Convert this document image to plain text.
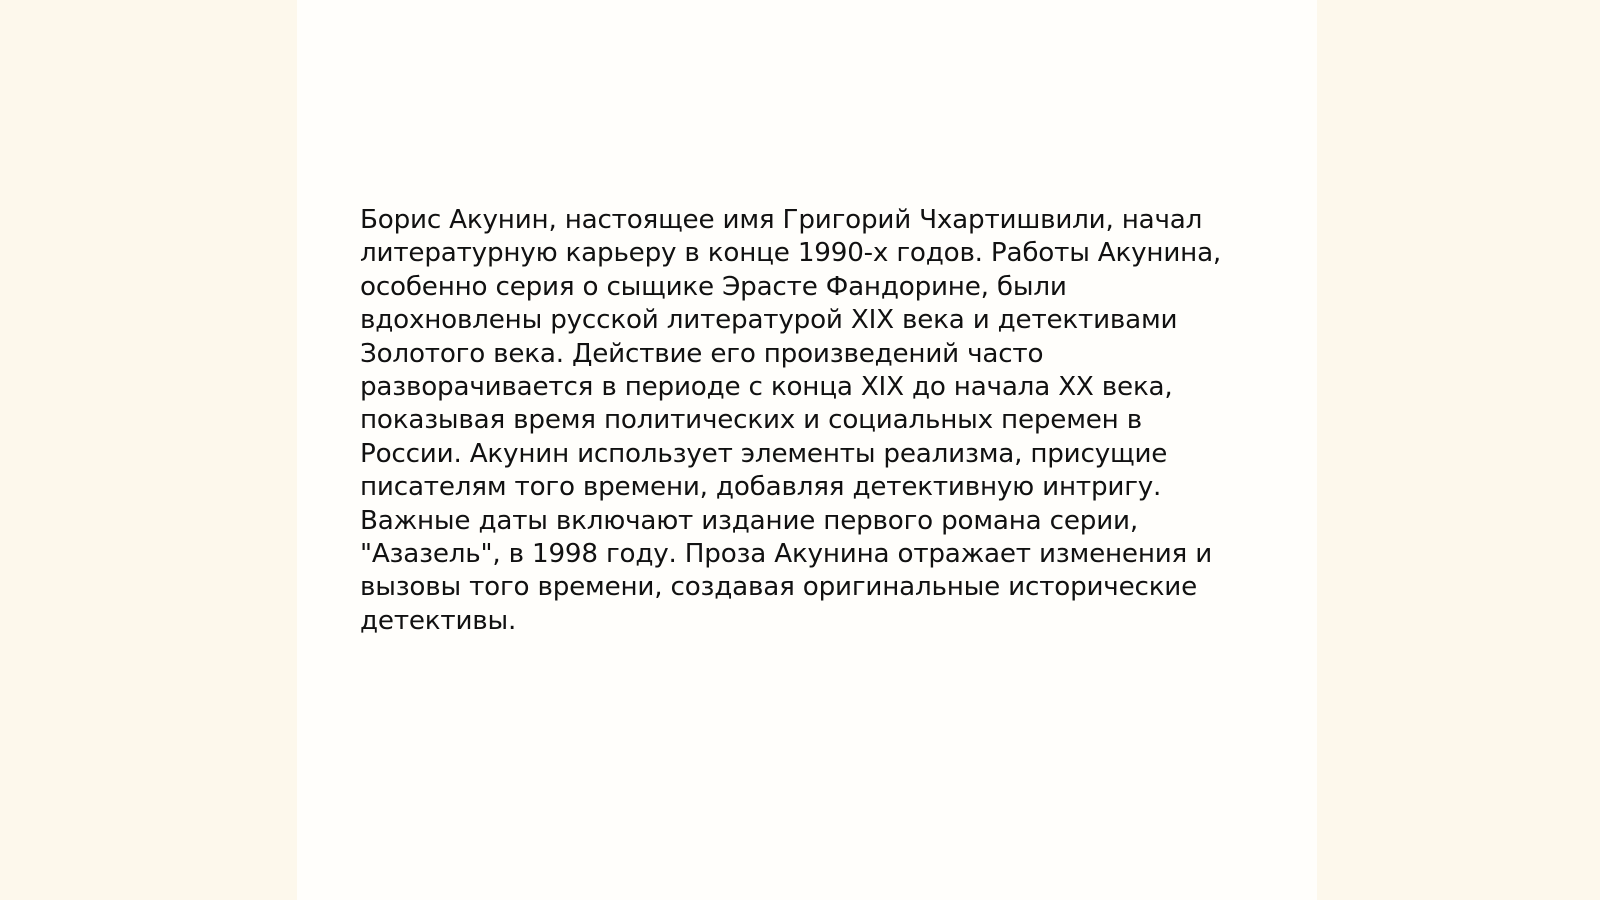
Борис Акунин, настоящее имя Григорий Чхартишвили, начал
литературную карьеру в конце 1990-х годов. Работы Акунина,
особенно серия о сыщике Эрасте Фандорине, были
вдохновлены русской литературой XIX века и детективами
Золотого века. Действие его произведений часто
разворачивается в периоде с конца XIX до начала XX века,
показывая время политических и социальных перемен в
России. Акунин использует элементы реализма, присущие
писателям того времени, добавляя детективную интригу.
Важные даты включают издание первого романа серии,
"Азазель", в 1998 году. Проза Акунина отражает изменения и
вызовы того времени, создавая оригинальные исторические
детективы.
